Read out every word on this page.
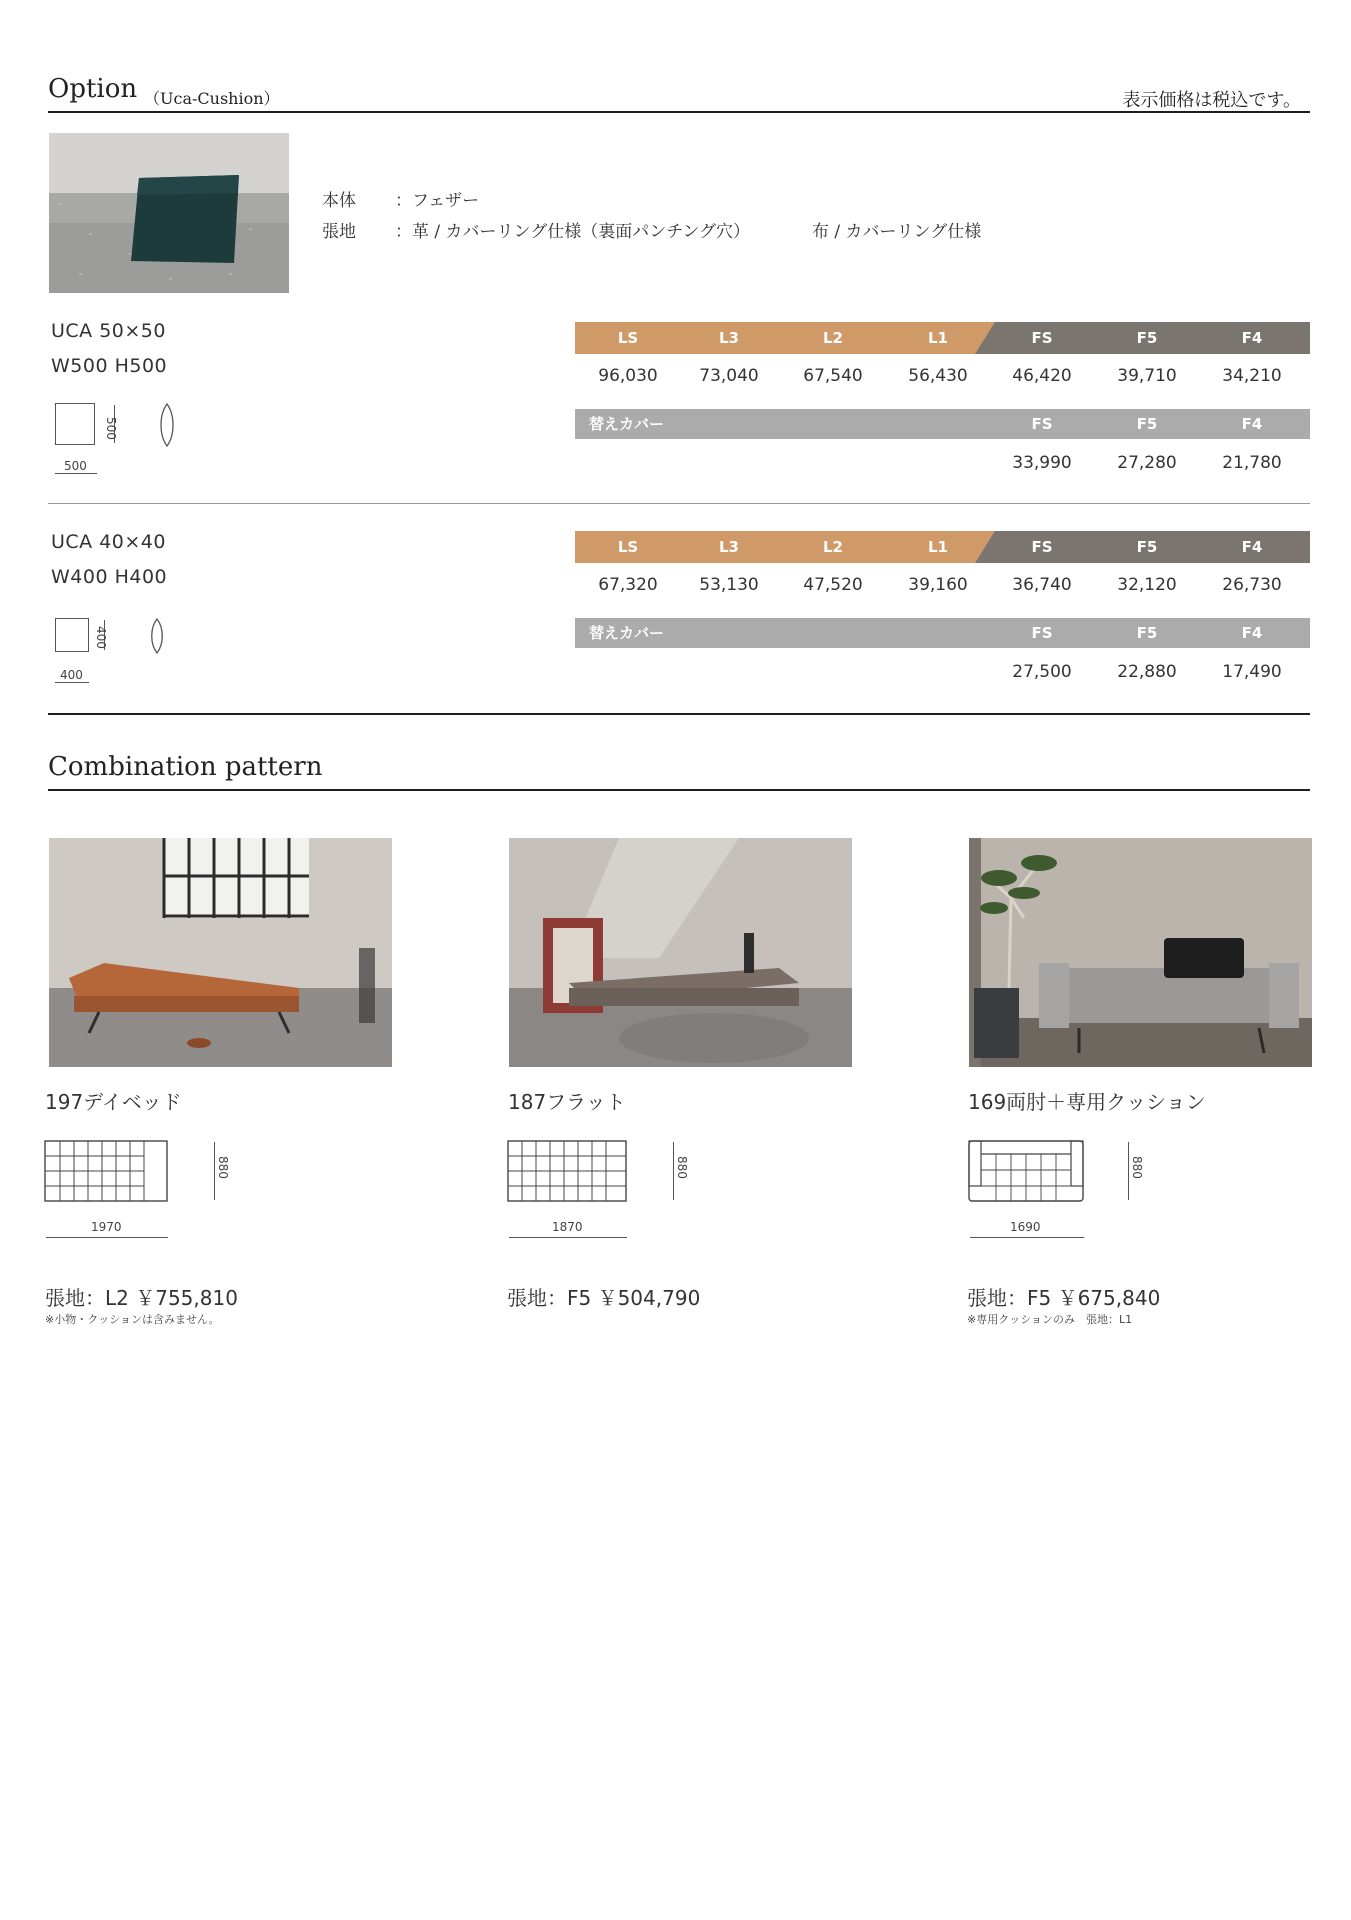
Option （Uca-Cushion）	表示価格は税込です。
本体 ：フェザー
張地 ：革 / カバーリング仕様（裏面パンチング穴）	布 / カバーリング仕様
UCA 50×50
W500 H500
500
500
LS	L3	L2	L1	FS	F5	F4
96,030	73,040	67,540	56,430	46,420	39,710	34,210
替えカバー	FS	F5	F4
33,990	27,280	21,780
UCA 40×40
W400 H400
400
400
LS	L3	L2	L1	FS	F5	F4
67,320	53,130	47,520	39,160	36,740	32,120	26,730
替えカバー	FS	F5	F4
27,500	22,880	17,490
Combination pattern
197デイベッド	187フラット	169両肘＋専用クッション
880
1970
880
1870
880
1690
張地：L2 ￥755,810	張地：F5 ￥504,790	張地：F5 ￥675,840
※小物・クッションは含みません。	※専用クッションのみ　張地：L1
